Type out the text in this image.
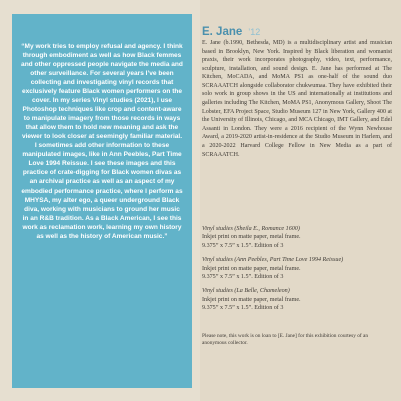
“My work tries to employ refusal and agency. I think through embodiment as well as how Black femmes and other oppressed people navigate the media and other surveillance. For several years I’ve been collecting and investigating vinyl records that exclusively feature Black women performers on the cover. In my series Vinyl studies (2021), I use Photoshop techniques like crop and content-aware to manipulate imagery from those records in ways that allow them to hold new meaning and ask the viewer to look closer at seemingly familiar material. I sometimes add other information to these manipulated images, like in Ann Peebles, Part Time Love 1994 Reissue. I see these images and this practice of crate-digging for Black women divas as an archival practice as well as an aspect of my embodied performance practice, where I perform as MHYSA, my alter ego, a queer underground Black diva, working with musicians to ground her music in an R&B tradition. As a Black American, I see this work as reclamation work, learning my own history as well as the history of American music.”

E. Jane ’12

E. Jane (b.1990, Bethesda, MD) is a multidisciplinary artist and musician based in Brooklyn, New York. Inspired by Black liberation and womanist praxis, their work incorporates photography, video, text, performance, sculpture, installation, and sound design. E. Jane has performed at The Kitchen, MoCADA, and MoMA PS1 as one-half of the sound duo SCRAAATCH alongside collaborator chukwumaa. They have exhibited their solo work in group shows in the US and internationally at institutions and galleries including The Kitchen, MoMA PS1, Anonymous Gallery, Shoot The Lobster, EFA Project Space, Studio Museum 127 in New York, Gallery 400 at the University of Illinois, Chicago, and MCA Chicago, IMT Gallery, and Edel Assanti in London. They were a 2016 recipient of the Wynn Newhouse Award, a 2019-2020 artist-in-residence at the Studio Museum in Harlem, and a 2020-2022 Harvard College Fellow in New Media as a part of SCRAAATCH.

Vinyl studies (Sheila E., Romance 1600)
Inkjet print on matte paper, metal frame.
9.375” x 7.5” x 1.5”. Edition of 3
Vinyl studies (Ann Peebles, Part Time Love 1994 Reissue)
Inkjet print on matte paper, metal frame.
9.375” x 7.5” x 1.5”. Edition of 3
Vinyl studies (La Belle, Chameleon)
Inkjet print on matte paper, metal frame.
9.375” x 7.5” x 1.5”. Edition of 3

Please note, this work is on loan to [E. Jane] for this exhibition courtesy of an anonymous collector.
